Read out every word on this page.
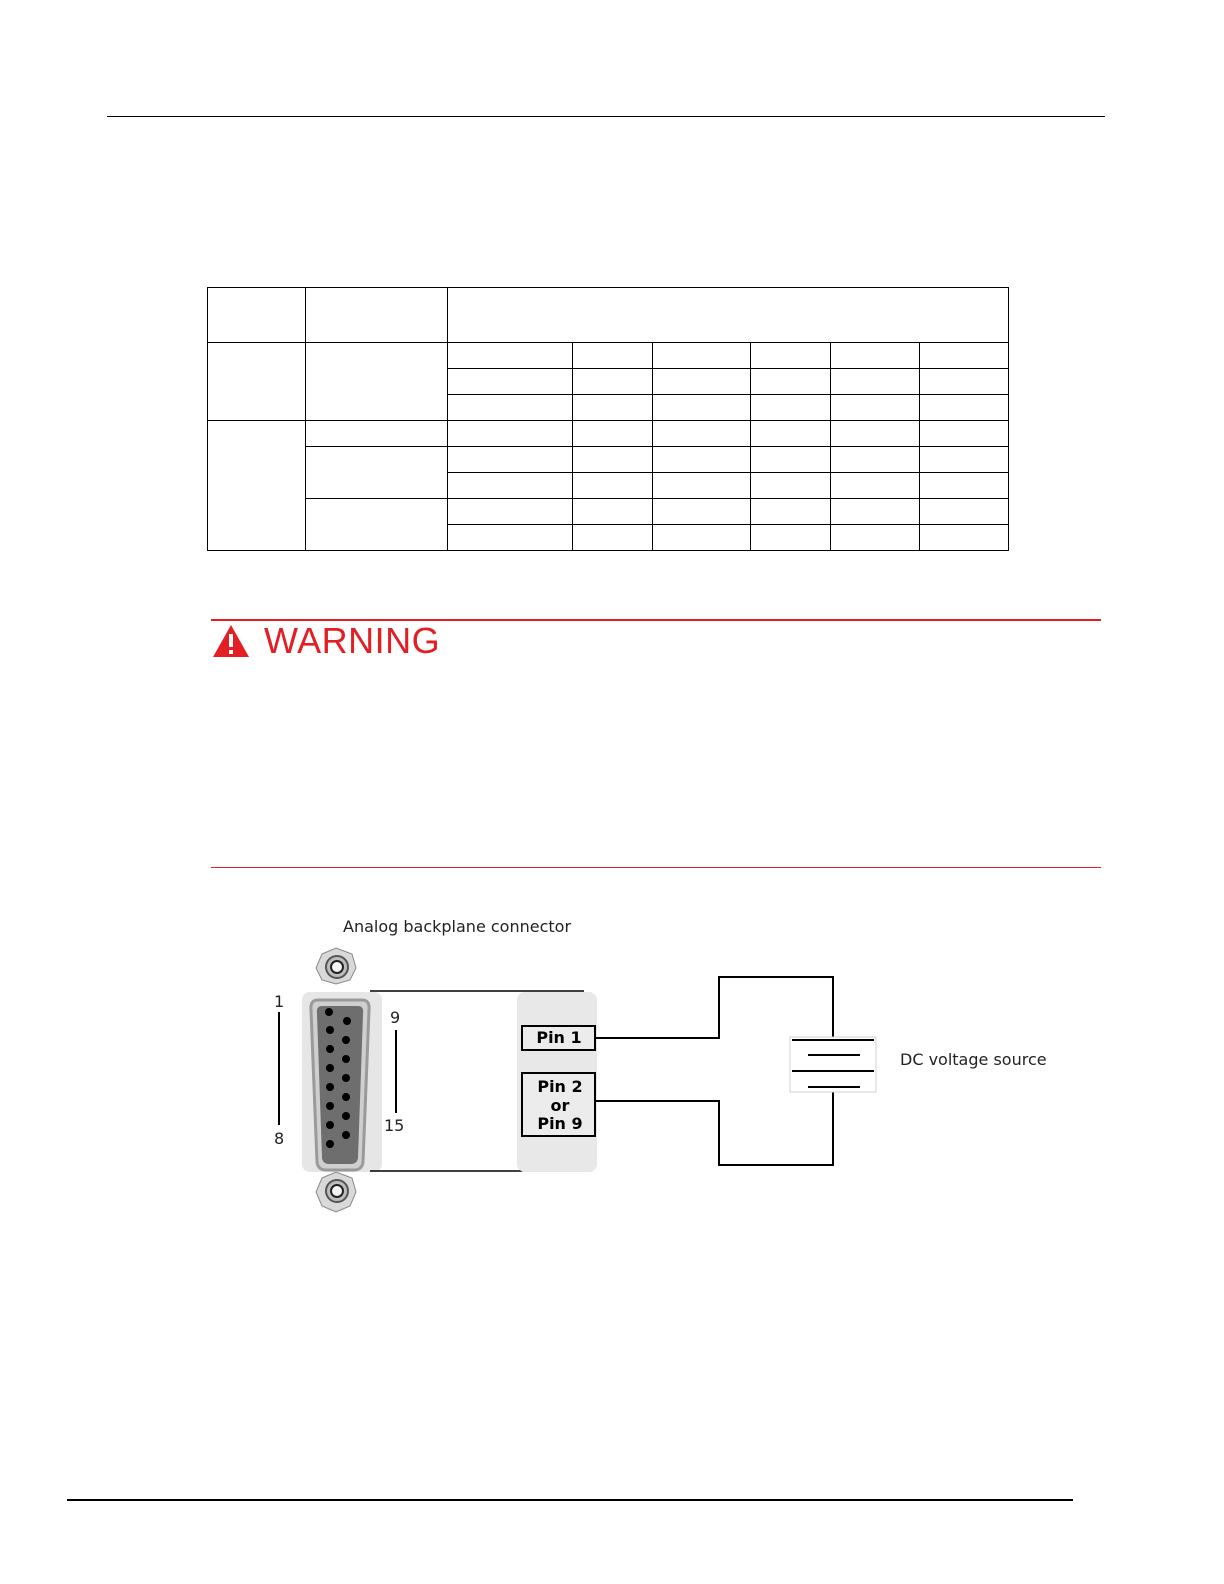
WARNING
Analog backplane connector
1
8
9
15
Pin 1
Pin 2
or
Pin 9
DC voltage source
